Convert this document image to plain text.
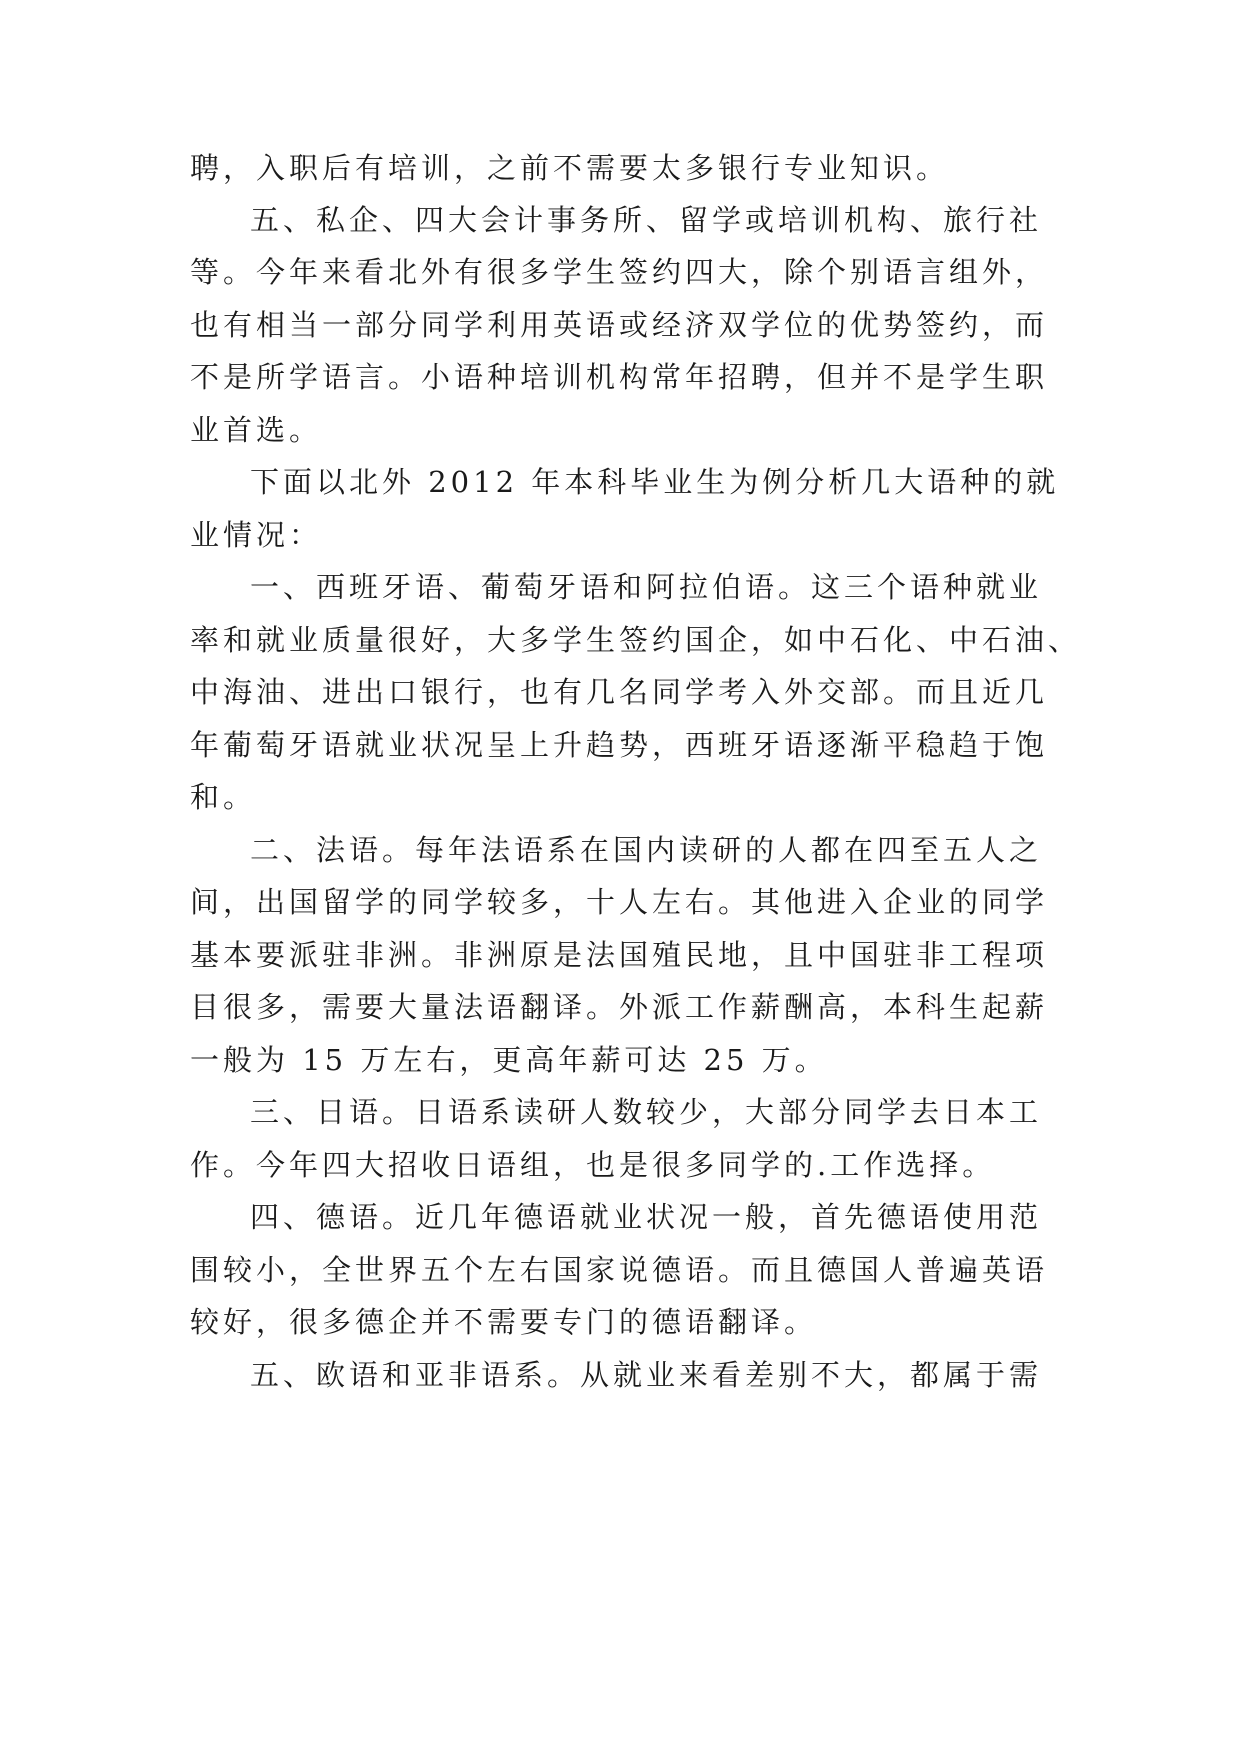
聘，入职后有培训，之前不需要太多银行专业知识。

五、私企、四大会计事务所、留学或培训机构、旅行社

等。今年来看北外有很多学生签约四大，除个别语言组外，

也有相当一部分同学利用英语或经济双学位的优势签约，而

不是所学语言。小语种培训机构常年招聘，但并不是学生职

业首选。

下面以北外 2012 年本科毕业生为例分析几大语种的就

业情况：

一、西班牙语、葡萄牙语和阿拉伯语。这三个语种就业

率和就业质量很好，大多学生签约国企，如中石化、中石油、

中海油、进出口银行，也有几名同学考入外交部。而且近几

年葡萄牙语就业状况呈上升趋势，西班牙语逐渐平稳趋于饱

和。

二、法语。每年法语系在国内读研的人都在四至五人之

间，出国留学的同学较多，十人左右。其他进入企业的同学

基本要派驻非洲。非洲原是法国殖民地，且中国驻非工程项

目很多，需要大量法语翻译。外派工作薪酬高，本科生起薪

一般为 15 万左右，更高年薪可达 25 万。

三、日语。日语系读研人数较少，大部分同学去日本工

作。今年四大招收日语组，也是很多同学的.工作选择。

四、德语。近几年德语就业状况一般，首先德语使用范

围较小，全世界五个左右国家说德语。而且德国人普遍英语

较好，很多德企并不需要专门的德语翻译。

五、欧语和亚非语系。从就业来看差别不大，都属于需
